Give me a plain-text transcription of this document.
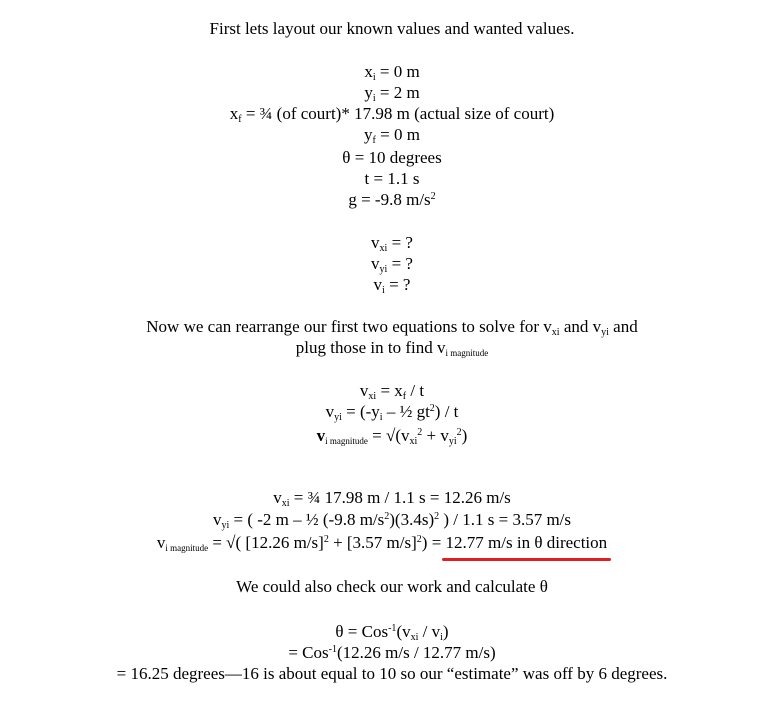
First lets layout our known values and wanted values.
$x_i = 0$ m
$y_i = 2$ m
$x_f$ = ¾ (of court)* 17.98 m (actual size of court)
$y_f = 0$ m
θ = 10 degrees
t = 1.1 s
g = -9.8 $m/s^2$
$v_{xi}$ = ?
$v_{yi}$ = ?
$v_i$ = ?
Now we can rearrange our first two equations to solve for $v_{xi}$ and $v_{yi}$ and
plug those in to find $v_{i magnitude}$
$v_{xi} = x_f / t$
$v_{yi} = (-y_i$ – ½ $gt^2$) / t
$v_{i magnitude} = √(v_{xi}^2 + v_{yi}^2)$
$v_{xi}$ = ¾ 17.98 m / 1.1 s = 12.26 m/s
$v_{yi}$ = ( -2 m – ½ (-9.8 $m/s^2)(3.4s)^2$ ) / 1.1 s = 3.57 m/s
$v_{i magnitude}$ = √( [12.26 m/s]$^2$ + [3.57 m/s]$^2$) = 12.77 m/s in θ direction
We could also check our work and calculate θ
$\theta = Cos^{-1}(v_{xi} / v_i)$
= Cos$^{-1}$(12.26 m/s / 12.77 m/s)
= 16.25 degrees—16 is about equal to 10 so our “estimate” was off by 6 degrees.
